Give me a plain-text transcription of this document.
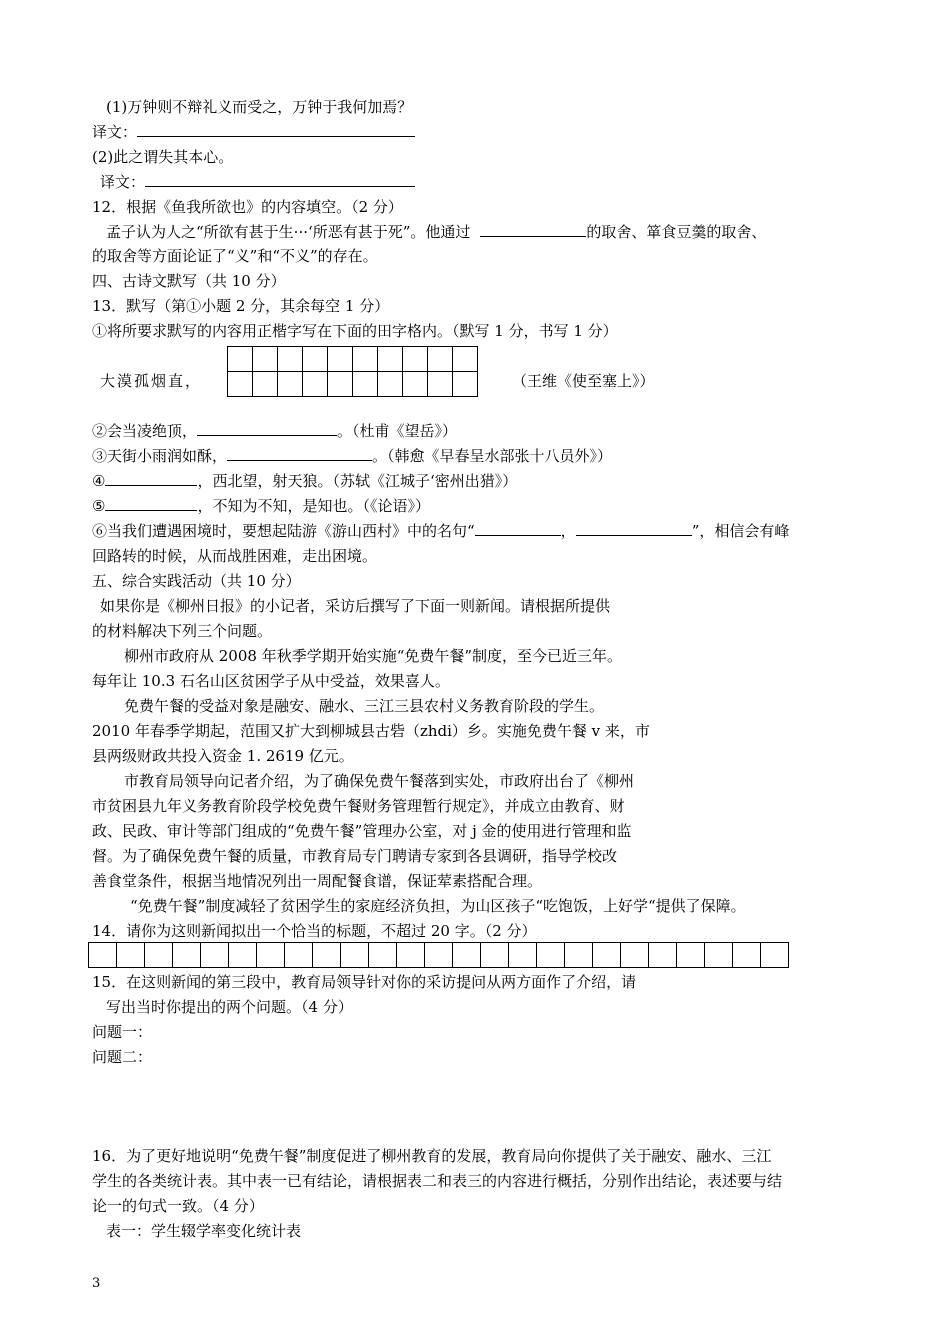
(1)万钟则不辩礼义而受之，万钟于我何加焉？
译文：
(2)此之谓失其本心。
译文：
12．根据《鱼我所欲也》的内容填空。（2 分）
孟子认为人之“所欲有甚于生···‘所恶有甚于死”。他通过	的取舍、箪食豆羹的取舍、
的取舍等方面论证了“义”和“不义”的存在。
四、古诗文默写（共 10 分）
13．默写（第①小题 2 分，其余每空 1 分）
①将所要求默写的内容用正楷字写在下面的田字格内。（默写 1 分，书写 1 分）
大漠孤烟直，

										（王维《使至塞上》）
②会当凌绝顶，	。（杜甫《望岳》）
③天街小雨润如酥，	。（韩愈《早春呈水部张十八员外》）
④	，西北望，射天狼。（苏轼《江城子‘密州出猎》）
⑤	，不知为不知，是知也。（《论语》）
⑥当我们遭遇困境时，要想起陆游《游山西村》中的名句“	，	”，相信会有峰
回路转的时候，从而战胜困难，走出困境。
五、综合实践活动（共 10 分）
如果你是《柳州日报》的小记者，采访后撰写了下面一则新闻。请根据所提供
的材料解决下列三个问题。
柳州市政府从 2008 年秋季学期开始实施“免费午餐”制度，至今已近三年。
每年让 10.3 石名山区贫困学子从中受益，效果喜人。
免费午餐的受益对象是融安、融水、三江三县农村义务教育阶段的学生。
2010 年春季学期起，范围又扩大到柳城县古砦（zhdi）乡。实施免费午餐 v 来，市
县两级财政共投入资金 1. 2619 亿元。
市教育局领导向记者介绍，为了确保免费午餐落到实处，市政府出台了《柳州
市贫困县九年义务教育阶段学校免费午餐财务管理暂行规定》，并成立由教育、财
政、民政、审计等部门组成的“免费午餐”管理办公室，对 j 金的使用进行管理和监
督。为了确保免费午餐的质量，市教育局专门聘请专家到各县调研，指导学校改
善食堂条件，根据当地情况列出一周配餐食谱，保证荤素搭配合理。
“免费午餐”制度减轻了贫困学生的家庭经济负担，为山区孩子“吃饱饭，上好学“提供了保障。
14．请你为这则新闻拟出一个恰当的标题，不超过 20 字。（2 分）

15．在这则新闻的第三段中，教育局领导针对你的采访提问从两方面作了介绍，请
写出当时你提出的两个问题。（4 分）
问题一：
问题二：
16．为了更好地说明“免费午餐”制度促进了柳州教育的发展，教育局向你提供了关于融安、融水、三江
学生的各类统计表。其中表一已有结论，请根据表二和表三的内容进行概括，分别作出结论，表述要与结
论一的句式一致。（4 分）
表一：学生辍学率变化统计表
3
